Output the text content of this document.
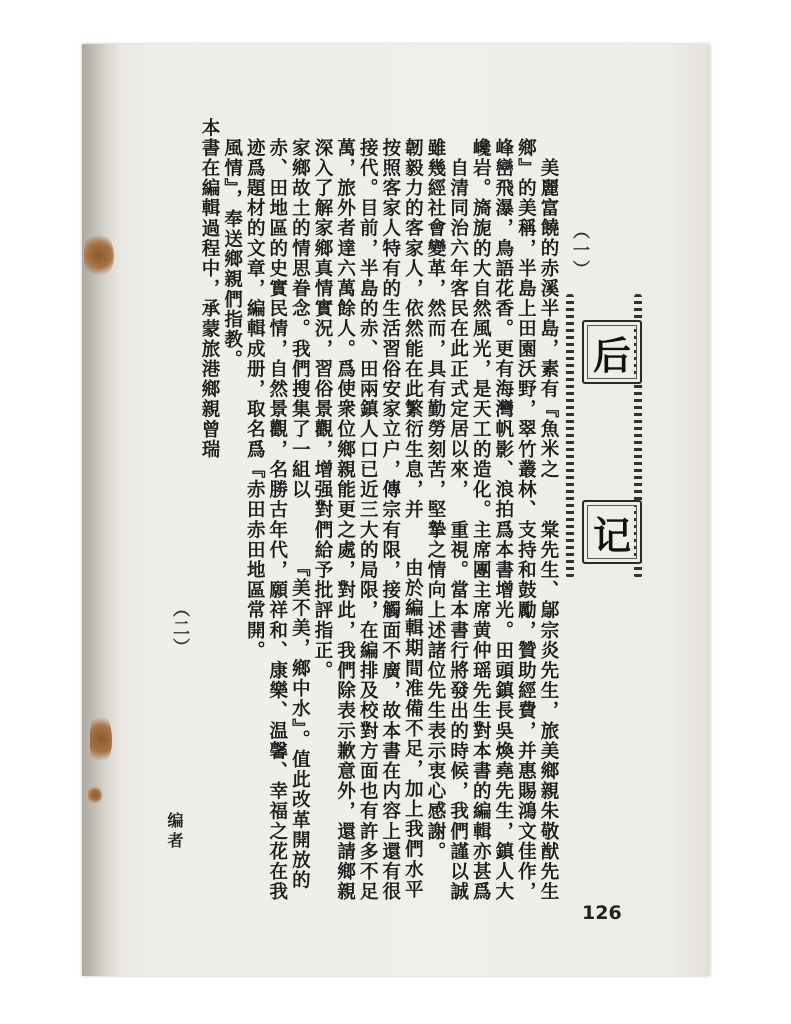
美麗富饒的赤溪半島，素有『魚米之
鄉』的美稱，半島上田園沃野，翠竹叢林、
峰巒飛瀑，鳥語花香。更有海灣帆影、浪拍
巉岩。旖旎的大自然風光，是天工的造化。
自清同治六年客民在此正式定居以來，
雖幾經社會變革，然而，具有勤勞刻苦，堅
韌毅力的客家人，依然能在此繁衍生息，并
按照客家人特有的生活習俗安家立户，傳宗
接代。目前，半島的赤、田兩鎮人口已近三
萬，旅外者達六萬餘人。爲使衆位鄉親能更
深入了解家鄉真情實況，習俗景觀，增强對
家鄉故土的情思眷念。我們搜集了一組以
赤、田地區的史實民情，自然景觀，名勝古
迹爲題材的文章，編輯成册，取名爲『赤田
風情』，奉送鄉親們指教。
本書在編輯過程中，承蒙旅港鄉親曾瑞
棠先生、鄔宗炎先生，旅美鄉親朱敬猷先生
支持和鼓勵，贊助經費，并惠賜鴻文佳作，
爲本書增光。田頭鎮長吳煥堯先生，鎮人大
主席團主席黄仲瑶先生對本書的編輯亦甚爲
重視。當本書行將發出的時候，我們謹以誠
摯之情向上述諸位先生表示衷心感謝。
由於編輯期間准備不足，加上我們水平
有限，接觸面不廣，故本書在内容上還有很
大的局限，在編排及校對方面也有許多不足
之處，對此，我們除表示歉意外，還請鄉親
們給予批評指正。
『美不美，鄉中水』。值此改革開放的
年代，願祥和、康樂、温馨、幸福之花在我
赤田地區常開。
（一）
（二）
后
记
编者
126
